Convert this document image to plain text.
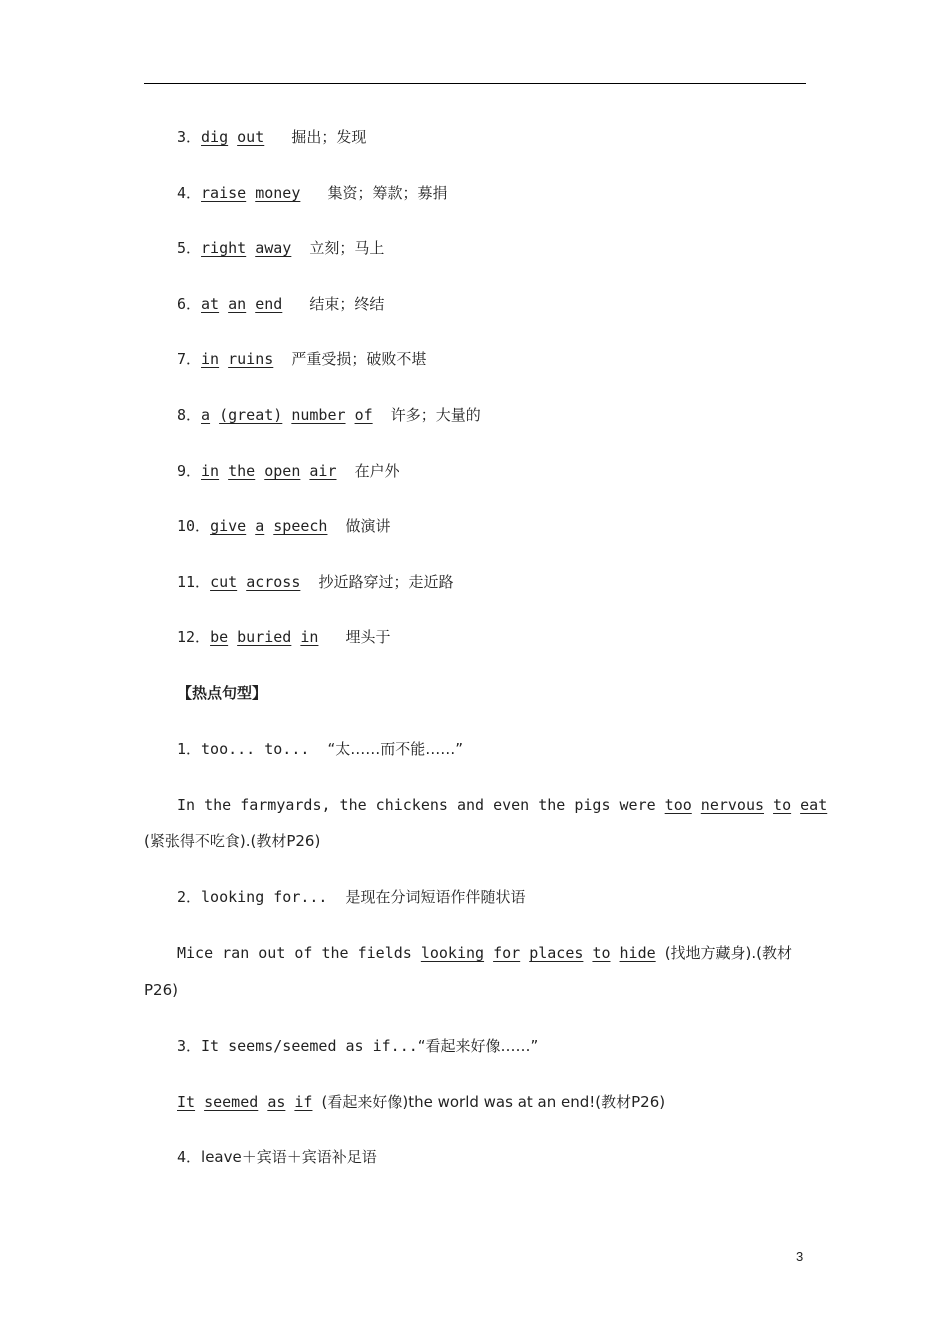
3．dig out 掘出；发现
4．raise money 集资；筹款；募捐
5．right away 立刻；马上
6．at an end 结束；终结
7．in ruins 严重受损；破败不堪
8．a (great) number of 许多；大量的
9．in the open air 在户外
10．give a speech 做演讲
11．cut across 抄近路穿过；走近路
12．be buried in 埋头于
【热点句型】
1．too... to... “太……而不能……”
In the farmyards, the chickens and even the pigs were too nervous to eat
(紧张得不吃食).(教材P26)
2．looking for... 是现在分词短语作伴随状语
Mice ran out of the fields looking for places to hide (找地方藏身).(教材
P26)
3．It seems/seemed as if...“看起来好像……”
It seemed as if (看起来好像)the world was at an end!(教材P26)
4．leave＋宾语＋宾语补足语
3
